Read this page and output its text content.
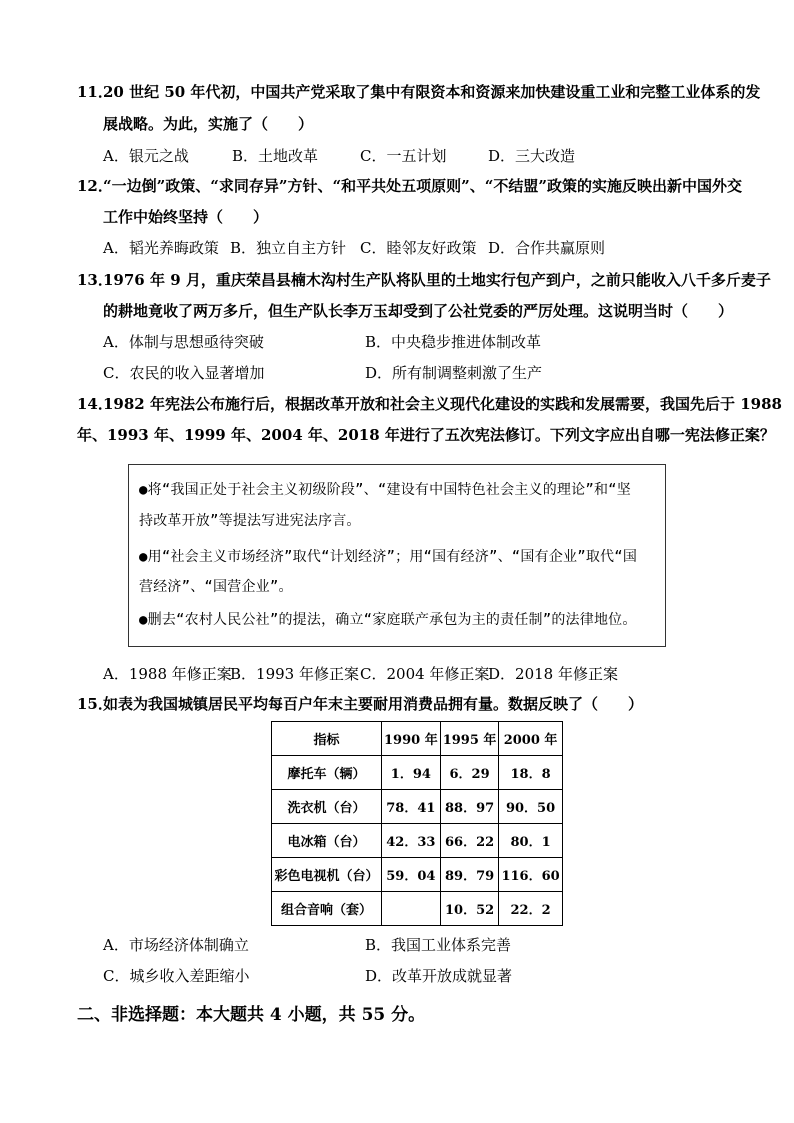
11．20 世纪 50 年代初，中国共产党采取了集中有限资本和资源来加快建设重工业和完整工业体系的发
展战略。为此，实施了（　　）
A．银元之战	B．土地改革	C．一五计划	D．三大改造
12．“一边倒”政策、“求同存异”方针、“和平共处五项原则”、“不结盟”政策的实施反映出新中国外交
工作中始终坚持（　　）
A．韬光养晦政策 B．独立自主方针 C．睦邻友好政策 D．合作共赢原则
13．1976 年 9 月，重庆荣昌县楠木沟村生产队将队里的土地实行包产到户，之前只能收入八千多斤麦子
的耕地竟收了两万多斤，但生产队长李万玉却受到了公社党委的严厉处理。这说明当时（　　）
A．体制与思想亟待突破	B．中央稳步推进体制改革
C．农民的收入显著增加	D．所有制调整刺激了生产
14．1982 年宪法公布施行后，根据改革开放和社会主义现代化建设的实践和发展需要，我国先后于 1988
年、1993 年、1999 年、2004 年、2018 年进行了五次宪法修订。下列文字应出自哪一宪法修正案？
●将“我国正处于社会主义初级阶段”、“建设有中国特色社会主义的理论”和“坚
持改革开放”等提法写进宪法序言。
●用“社会主义市场经济”取代“计划经济”；用“国有经济”、“国有企业”取代“国
营经济”、“国营企业”。
●删去“农村人民公社”的提法，确立“家庭联产承包为主的责任制”的法律地位。
A．1988 年修正案
B．1993 年修正案 C．2004 年修正案
D．2018 年修正案
15．如表为我国城镇居民平均每百户年末主要耐用消费品拥有量。数据反映了（　　）
指标	1990 年	1995 年	2000 年
摩托车（辆）	1．94	6．29	18．8
洗衣机（台）	78．41	88．97	90．50
电冰箱（台）	42．33	66．22	80．1
彩色电视机（台）	59．04	89．79	116．60
组合音响（套）		10．52	22．2
A．市场经济体制确立	B．我国工业体系完善
C．城乡收入差距缩小	D．改革开放成就显著
二、非选择题：本大题共 4 小题，共 55 分。
